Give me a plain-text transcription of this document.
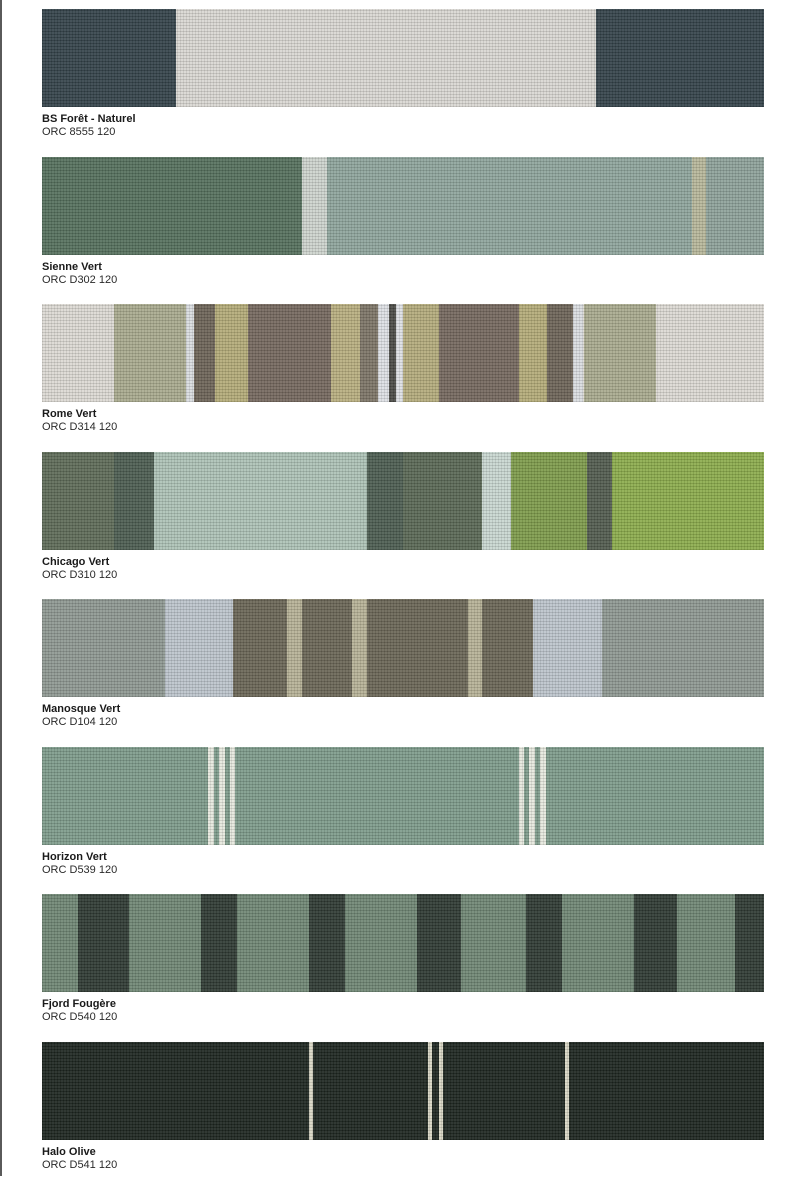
BS Forêt - Naturel
ORC 8555 120
Sienne Vert
ORC D302 120
Rome Vert
ORC D314 120
Chicago Vert
ORC D310 120
Manosque Vert
ORC D104 120
Horizon Vert
ORC D539 120
Fjord Fougère
ORC D540 120
Halo Olive
ORC D541 120
